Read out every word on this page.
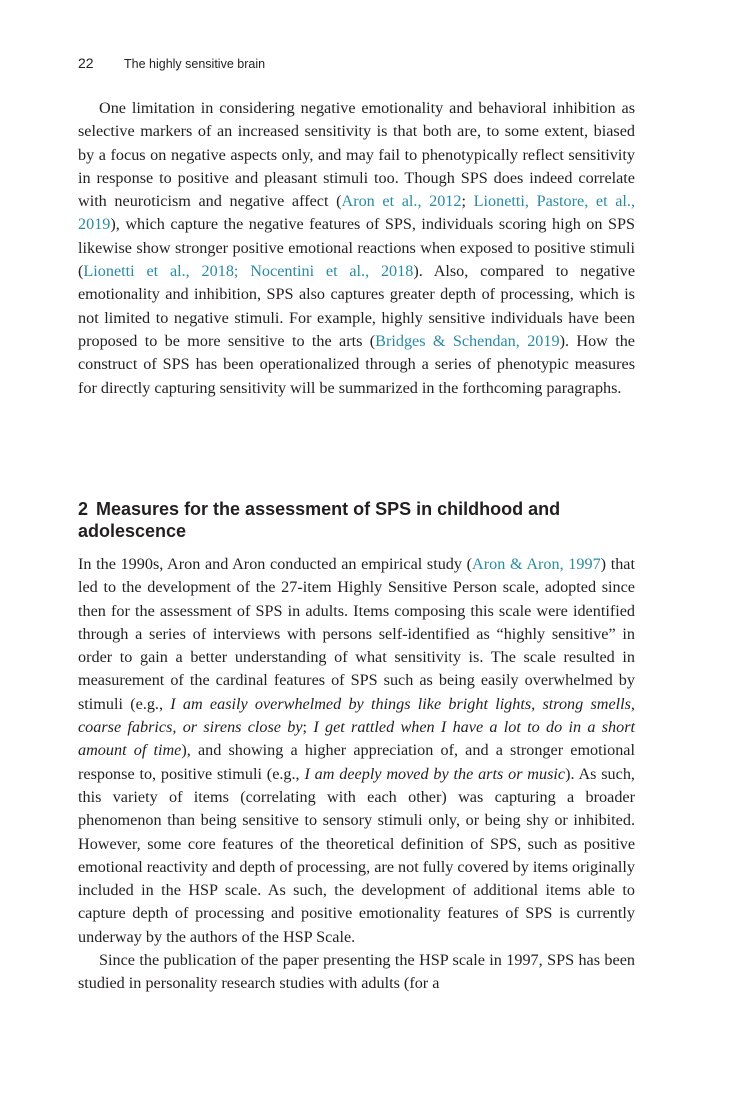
22 The highly sensitive brain

One limitation in considering negative emotionality and behavioral inhibition as selective markers of an increased sensitivity is that both are, to some extent, biased by a focus on negative aspects only, and may fail to phenotypically reflect sensitivity in response to positive and pleasant stimuli too. Though SPS does indeed correlate with neuroticism and negative affect (Aron et al., 2012; Lionetti, Pastore, et al., 2019), which capture the negative features of SPS, individuals scoring high on SPS likewise show stronger positive emotional reactions when exposed to positive stimuli (Lionetti et al., 2018; Nocentini et al., 2018). Also, compared to negative emotionality and inhibition, SPS also captures greater depth of processing, which is not limited to negative stimuli. For example, highly sensitive individuals have been proposed to be more sensitive to the arts (Bridges & Schendan, 2019). How the construct of SPS has been operationalized through a series of phenotypic measures for directly capturing sensitivity will be summarized in the forthcoming paragraphs.

2 Measures for the assessment of SPS in childhood and adolescence

In the 1990s, Aron and Aron conducted an empirical study (Aron & Aron, 1997) that led to the development of the 27-item Highly Sensitive Person scale, adopted since then for the assessment of SPS in adults. Items composing this scale were identified through a series of interviews with persons self-identified as “highly sensitive” in order to gain a better understanding of what sensitivity is. The scale resulted in measurement of the cardinal features of SPS such as being easily overwhelmed by stimuli (e.g., I am easily overwhelmed by things like bright lights, strong smells, coarse fabrics, or sirens close by; I get rattled when I have a lot to do in a short amount of time), and showing a higher appreciation of, and a stronger emotional response to, positive stimuli (e.g., I am deeply moved by the arts or music). As such, this variety of items (correlating with each other) was capturing a broader phenomenon than being sensitive to sensory stimuli only, or being shy or inhibited. However, some core features of the theoretical definition of SPS, such as positive emotional reactivity and depth of processing, are not fully covered by items originally included in the HSP scale. As such, the development of additional items able to capture depth of processing and positive emotionality features of SPS is currently underway by the authors of the HSP Scale.

Since the publication of the paper presenting the HSP scale in 1997, SPS has been studied in personality research studies with adults (for a
